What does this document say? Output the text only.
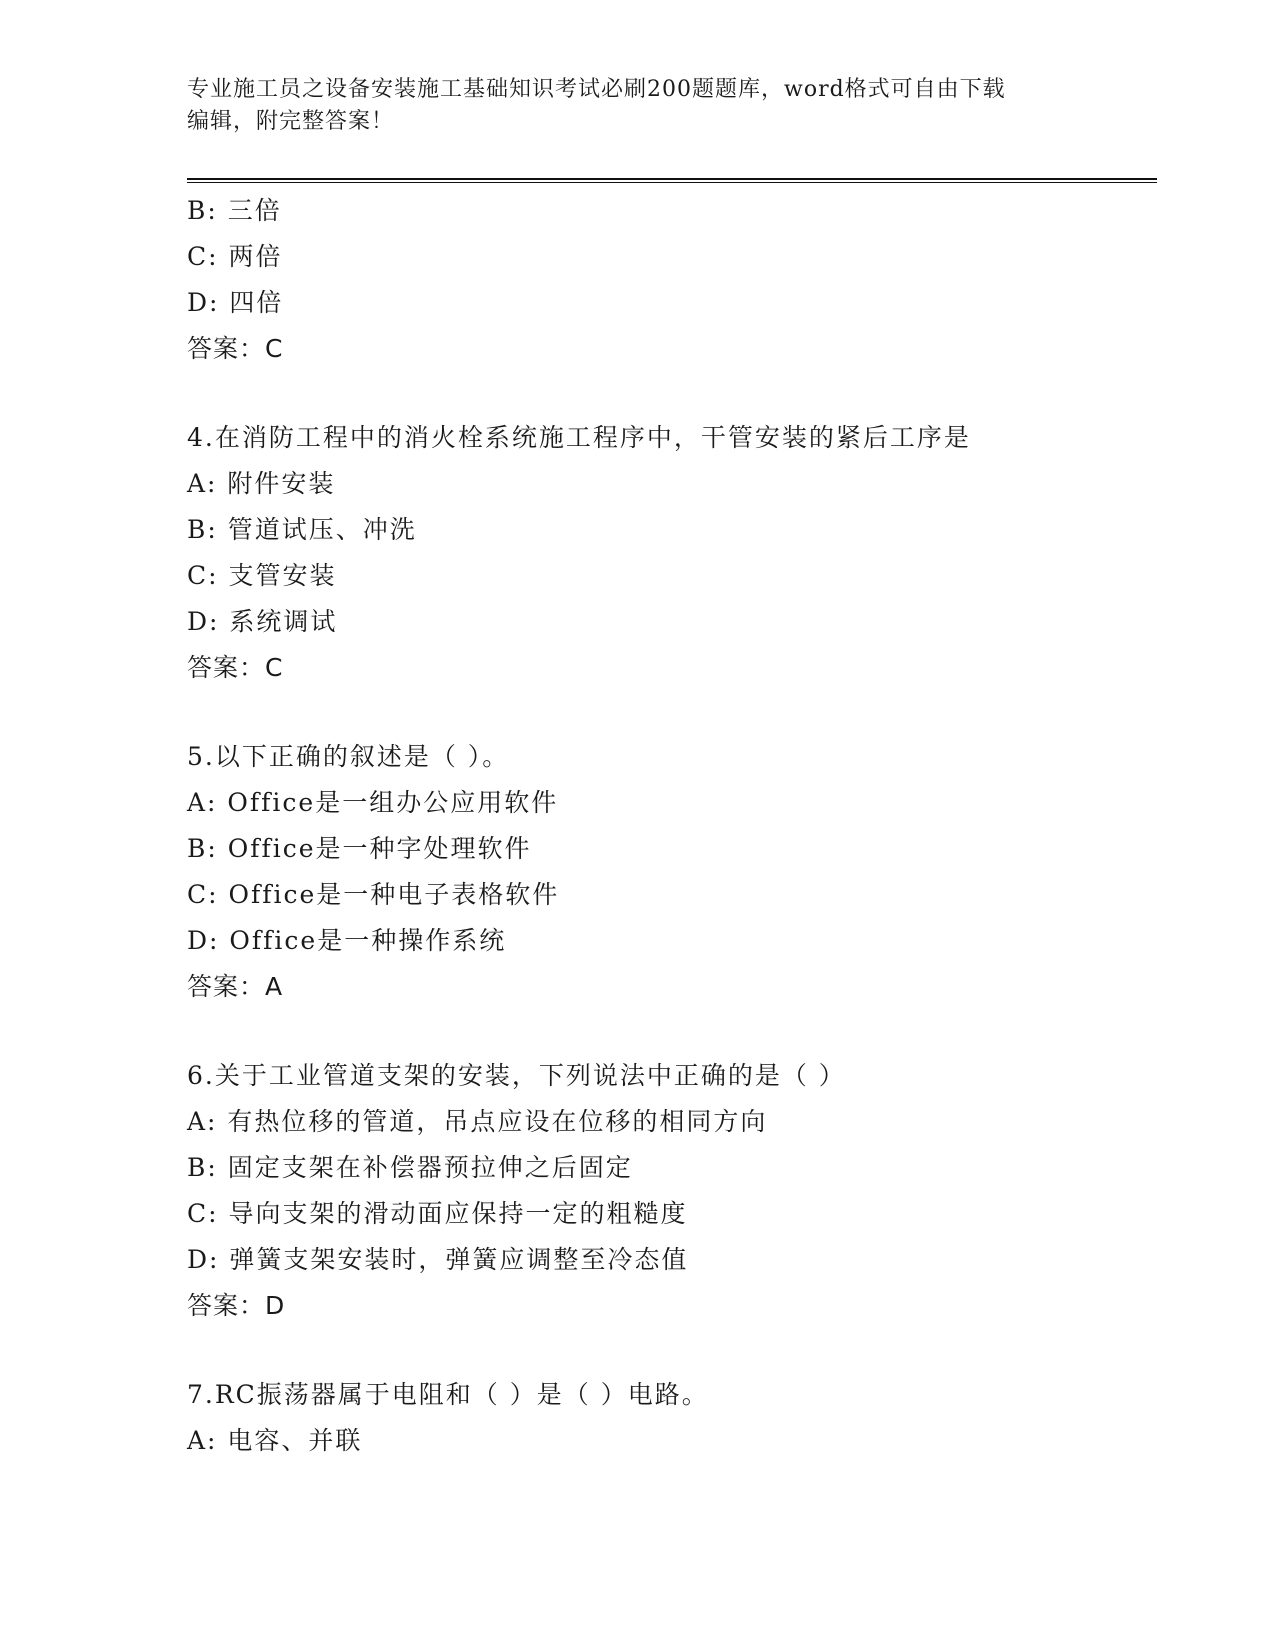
专业施工员之设备安装施工基础知识考试必刷200题题库，word格式可自由下载
编辑，附完整答案！
B: 三倍
C: 两倍
D: 四倍
答案：C
4.在消防工程中的消火栓系统施工程序中，干管安装的紧后工序是
A: 附件安装
B: 管道试压、冲洗
C: 支管安装
D: 系统调试
答案：C
5.以下正确的叙述是（ ）。
A: Office是一组办公应用软件
B: Office是一种字处理软件
C: Office是一种电子表格软件
D: Office是一种操作系统
答案：A
6.关于工业管道支架的安装，下列说法中正确的是（ ）
A: 有热位移的管道，吊点应设在位移的相同方向
B: 固定支架在补偿器预拉伸之后固定
C: 导向支架的滑动面应保持一定的粗糙度
D: 弹簧支架安装时，弹簧应调整至冷态值
答案：D
7.RC振荡器属于电阻和（ ）是（ ）电路。
A: 电容、并联
